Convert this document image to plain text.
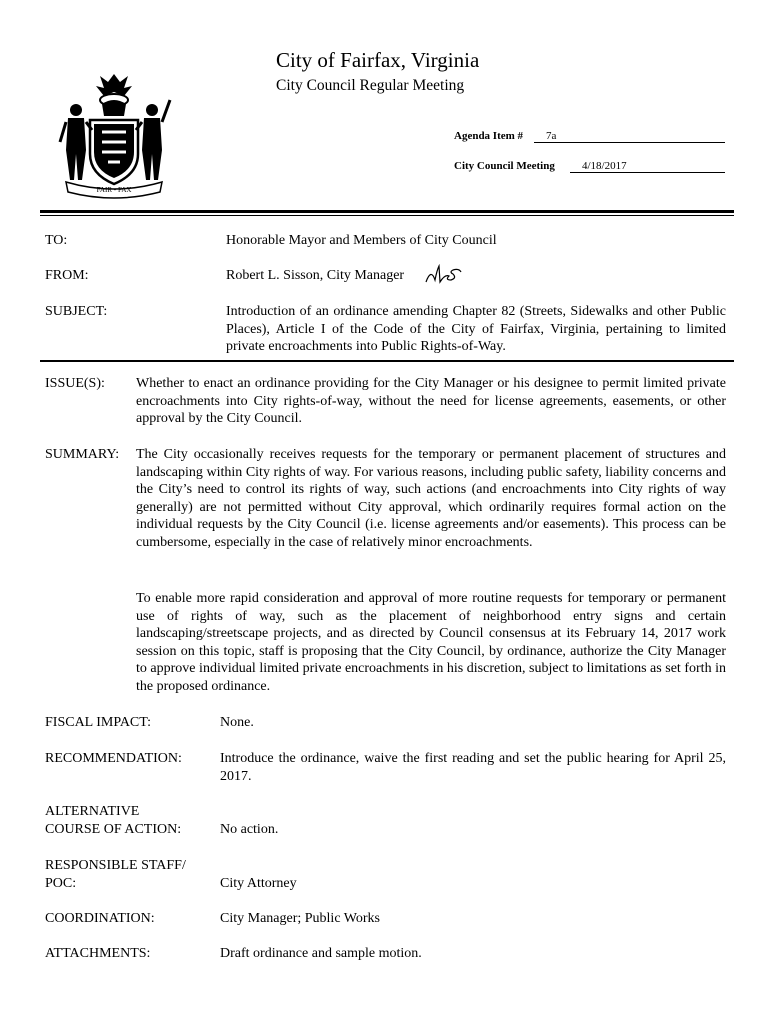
FAIR • FAX
City of Fairfax, Virginia
City Council Regular Meeting
Agenda Item #	7a
City Council Meeting	4/18/2017
TO:	Honorable Mayor and Members of City Council
FROM:	Robert L. Sisson, City Manager
SUBJECT:	Introduction of an ordinance amending Chapter 82 (Streets, Sidewalks and other Public Places), Article I of the Code of the City of Fairfax, Virginia, pertaining to limited private encroachments into Public Rights-of-Way.
ISSUE(S): Whether to enact an ordinance providing for the City Manager or his designee to permit limited private encroachments into City rights-of-way, without the need for license agreements, easements, or other approval by the City Council.
SUMMARY: The City occasionally receives requests for the temporary or permanent placement of structures and landscaping within City rights of way. For various reasons, including public safety, liability concerns and the City’s need to control its rights of way, such actions (and encroachments into City rights of way generally) are not permitted without City approval, which ordinarily requires formal action on the individual requests by the City Council (i.e. license agreements and/or easements). This process can be cumbersome, especially in the case of relatively minor encroachments.
To enable more rapid consideration and approval of more routine requests for temporary or permanent use of rights of way, such as the placement of neighborhood entry signs and certain landscaping/streetscape projects, and as directed by Council consensus at its February 14, 2017 work session on this topic, staff is proposing that the City Council, by ordinance, authorize the City Manager to approve individual limited private encroachments in his discretion, subject to limitations as set forth in the proposed ordinance.
FISCAL IMPACT:	None.
RECOMMENDATION:	Introduce the ordinance, waive the first reading and set the public hearing for April 25, 2017.
ALTERNATIVE
COURSE OF ACTION:	No action.
RESPONSIBLE STAFF/
POC:	City Attorney
COORDINATION:	City Manager; Public Works
ATTACHMENTS:	Draft ordinance and sample motion.
